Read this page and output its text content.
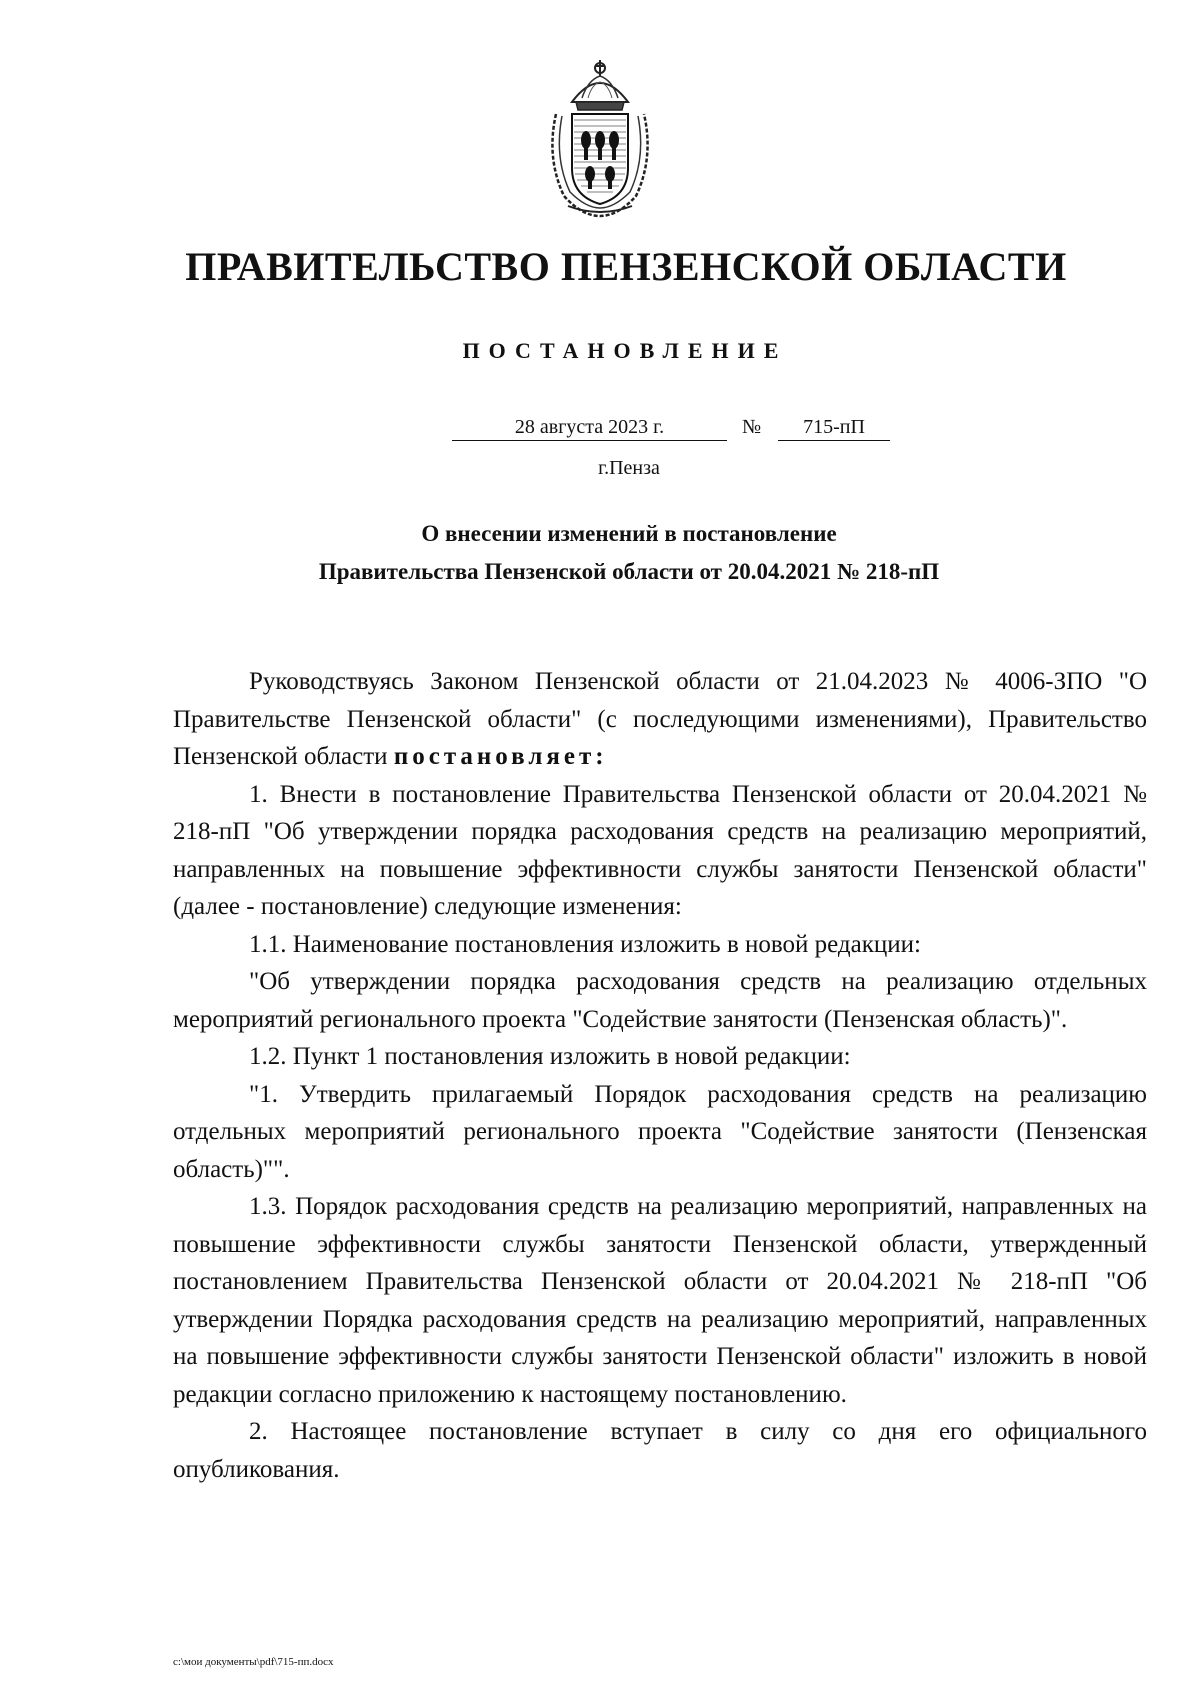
ПРАВИТЕЛЬСТВО ПЕНЗЕНСКОЙ ОБЛАСТИ
ПОСТАНОВЛЕНИЕ
28 августа 2023 г.	№	715-пП
г.Пенза
О внесении изменений в постановление
Правительства Пензенской области от 20.04.2021 № 218-пП

Руководствуясь Законом Пензенской области от 21.04.2023 № 4006-ЗПО "О Правительстве Пензенской области" (с последующими изменениями), Правительство Пензенской области постановляет:

1. Внести в постановление Правительства Пензенской области от 20.04.2021 № 218-пП "Об утверждении порядка расходования средств на реализацию мероприятий, направленных на повышение эффективности службы занятости Пензенской области" (далее - постановление) следующие изменения:

1.1. Наименование постановления изложить в новой редакции:

"Об утверждении порядка расходования средств на реализацию отдельных мероприятий регионального проекта "Содействие занятости (Пензенская область)".

1.2. Пункт 1 постановления изложить в новой редакции:

"1. Утвердить прилагаемый Порядок расходования средств на реализацию отдельных мероприятий регионального проекта "Содействие занятости (Пензенская область)"".

1.3. Порядок расходования средств на реализацию мероприятий, направленных на повышение эффективности службы занятости Пензенской области, утвержденный постановлением Правительства Пензенской области от 20.04.2021 № 218-пП "Об утверждении Порядка расходования средств на реализацию мероприятий, направленных на повышение эффективности службы занятости Пензенской области" изложить в новой редакции согласно приложению к настоящему постановлению.

2. Настоящее постановление вступает в силу со дня его официального опубликования.

c:\мои документы\pdf\715-пп.docx
